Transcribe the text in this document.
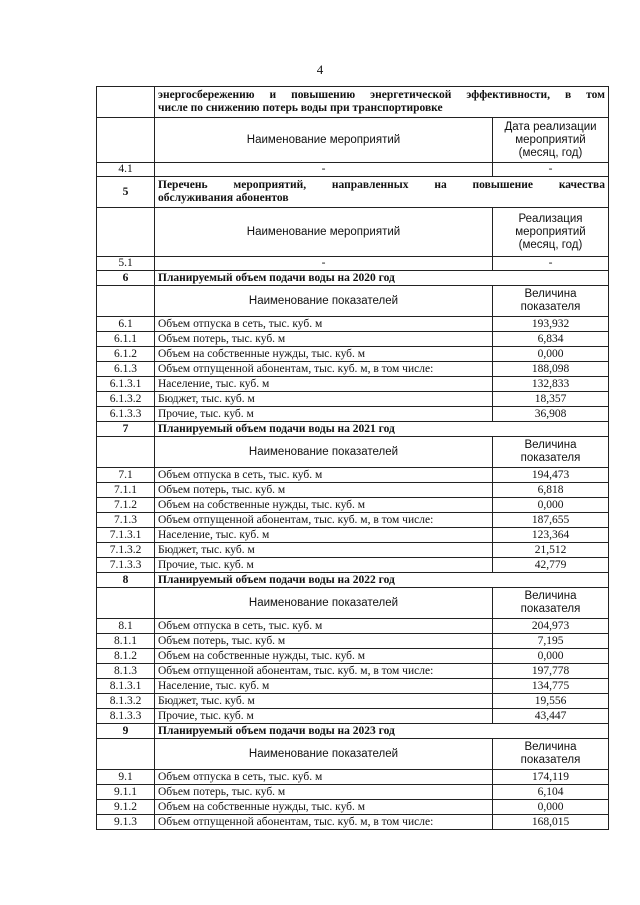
4

	энергосбережению и повышению энергетической эффективности, в том
числе по снижению потерь воды при транспортировке	

	Наименование мероприятий	Дата реализации
мероприятий
(месяц, год)

4.1	-	-
5	Перечень мероприятий, направленных на повышение качества
обслуживания абонентов	

	Наименование мероприятий	Реализация
мероприятий
(месяц, год)

5.1	-	-
6	Планируемый объем подачи воды на 2020 год	
	Наименование показателей	Величина
показателя

6.1	Объем отпуска в сеть, тыс. куб. м	193,932
6.1.1	Объем потерь, тыс. куб. м	6,834
6.1.2	Объем на собственные нужды, тыс. куб. м	0,000
6.1.3	Объем отпущенной абонентам, тыс. куб. м, в том числе:	188,098
6.1.3.1	Население, тыс. куб. м	132,833
6.1.3.2	Бюджет, тыс. куб. м	18,357
6.1.3.3	Прочие, тыс. куб. м	36,908
7	Планируемый объем подачи воды на 2021 год	
	Наименование показателей	Величина
показателя

7.1	Объем отпуска в сеть, тыс. куб. м	194,473
7.1.1	Объем потерь, тыс. куб. м	6,818
7.1.2	Объем на собственные нужды, тыс. куб. м	0,000
7.1.3	Объем отпущенной абонентам, тыс. куб. м, в том числе:	187,655
7.1.3.1	Население, тыс. куб. м	123,364
7.1.3.2	Бюджет, тыс. куб. м	21,512
7.1.3.3	Прочие, тыс. куб. м	42,779
8	Планируемый объем подачи воды на 2022 год	
	Наименование показателей	Величина
показателя

8.1	Объем отпуска в сеть, тыс. куб. м	204,973
8.1.1	Объем потерь, тыс. куб. м	7,195
8.1.2	Объем на собственные нужды, тыс. куб. м	0,000
8.1.3	Объем отпущенной абонентам, тыс. куб. м, в том числе:	197,778
8.1.3.1	Население, тыс. куб. м	134,775
8.1.3.2	Бюджет, тыс. куб. м	19,556
8.1.3.3	Прочие, тыс. куб. м	43,447
9	Планируемый объем подачи воды на 2023 год	
	Наименование показателей	Величина
показателя

9.1	Объем отпуска в сеть, тыс. куб. м	174,119
9.1.1	Объем потерь, тыс. куб. м	6,104
9.1.2	Объем на собственные нужды, тыс. куб. м	0,000
9.1.3	Объем отпущенной абонентам, тыс. куб. м, в том числе:	168,015
